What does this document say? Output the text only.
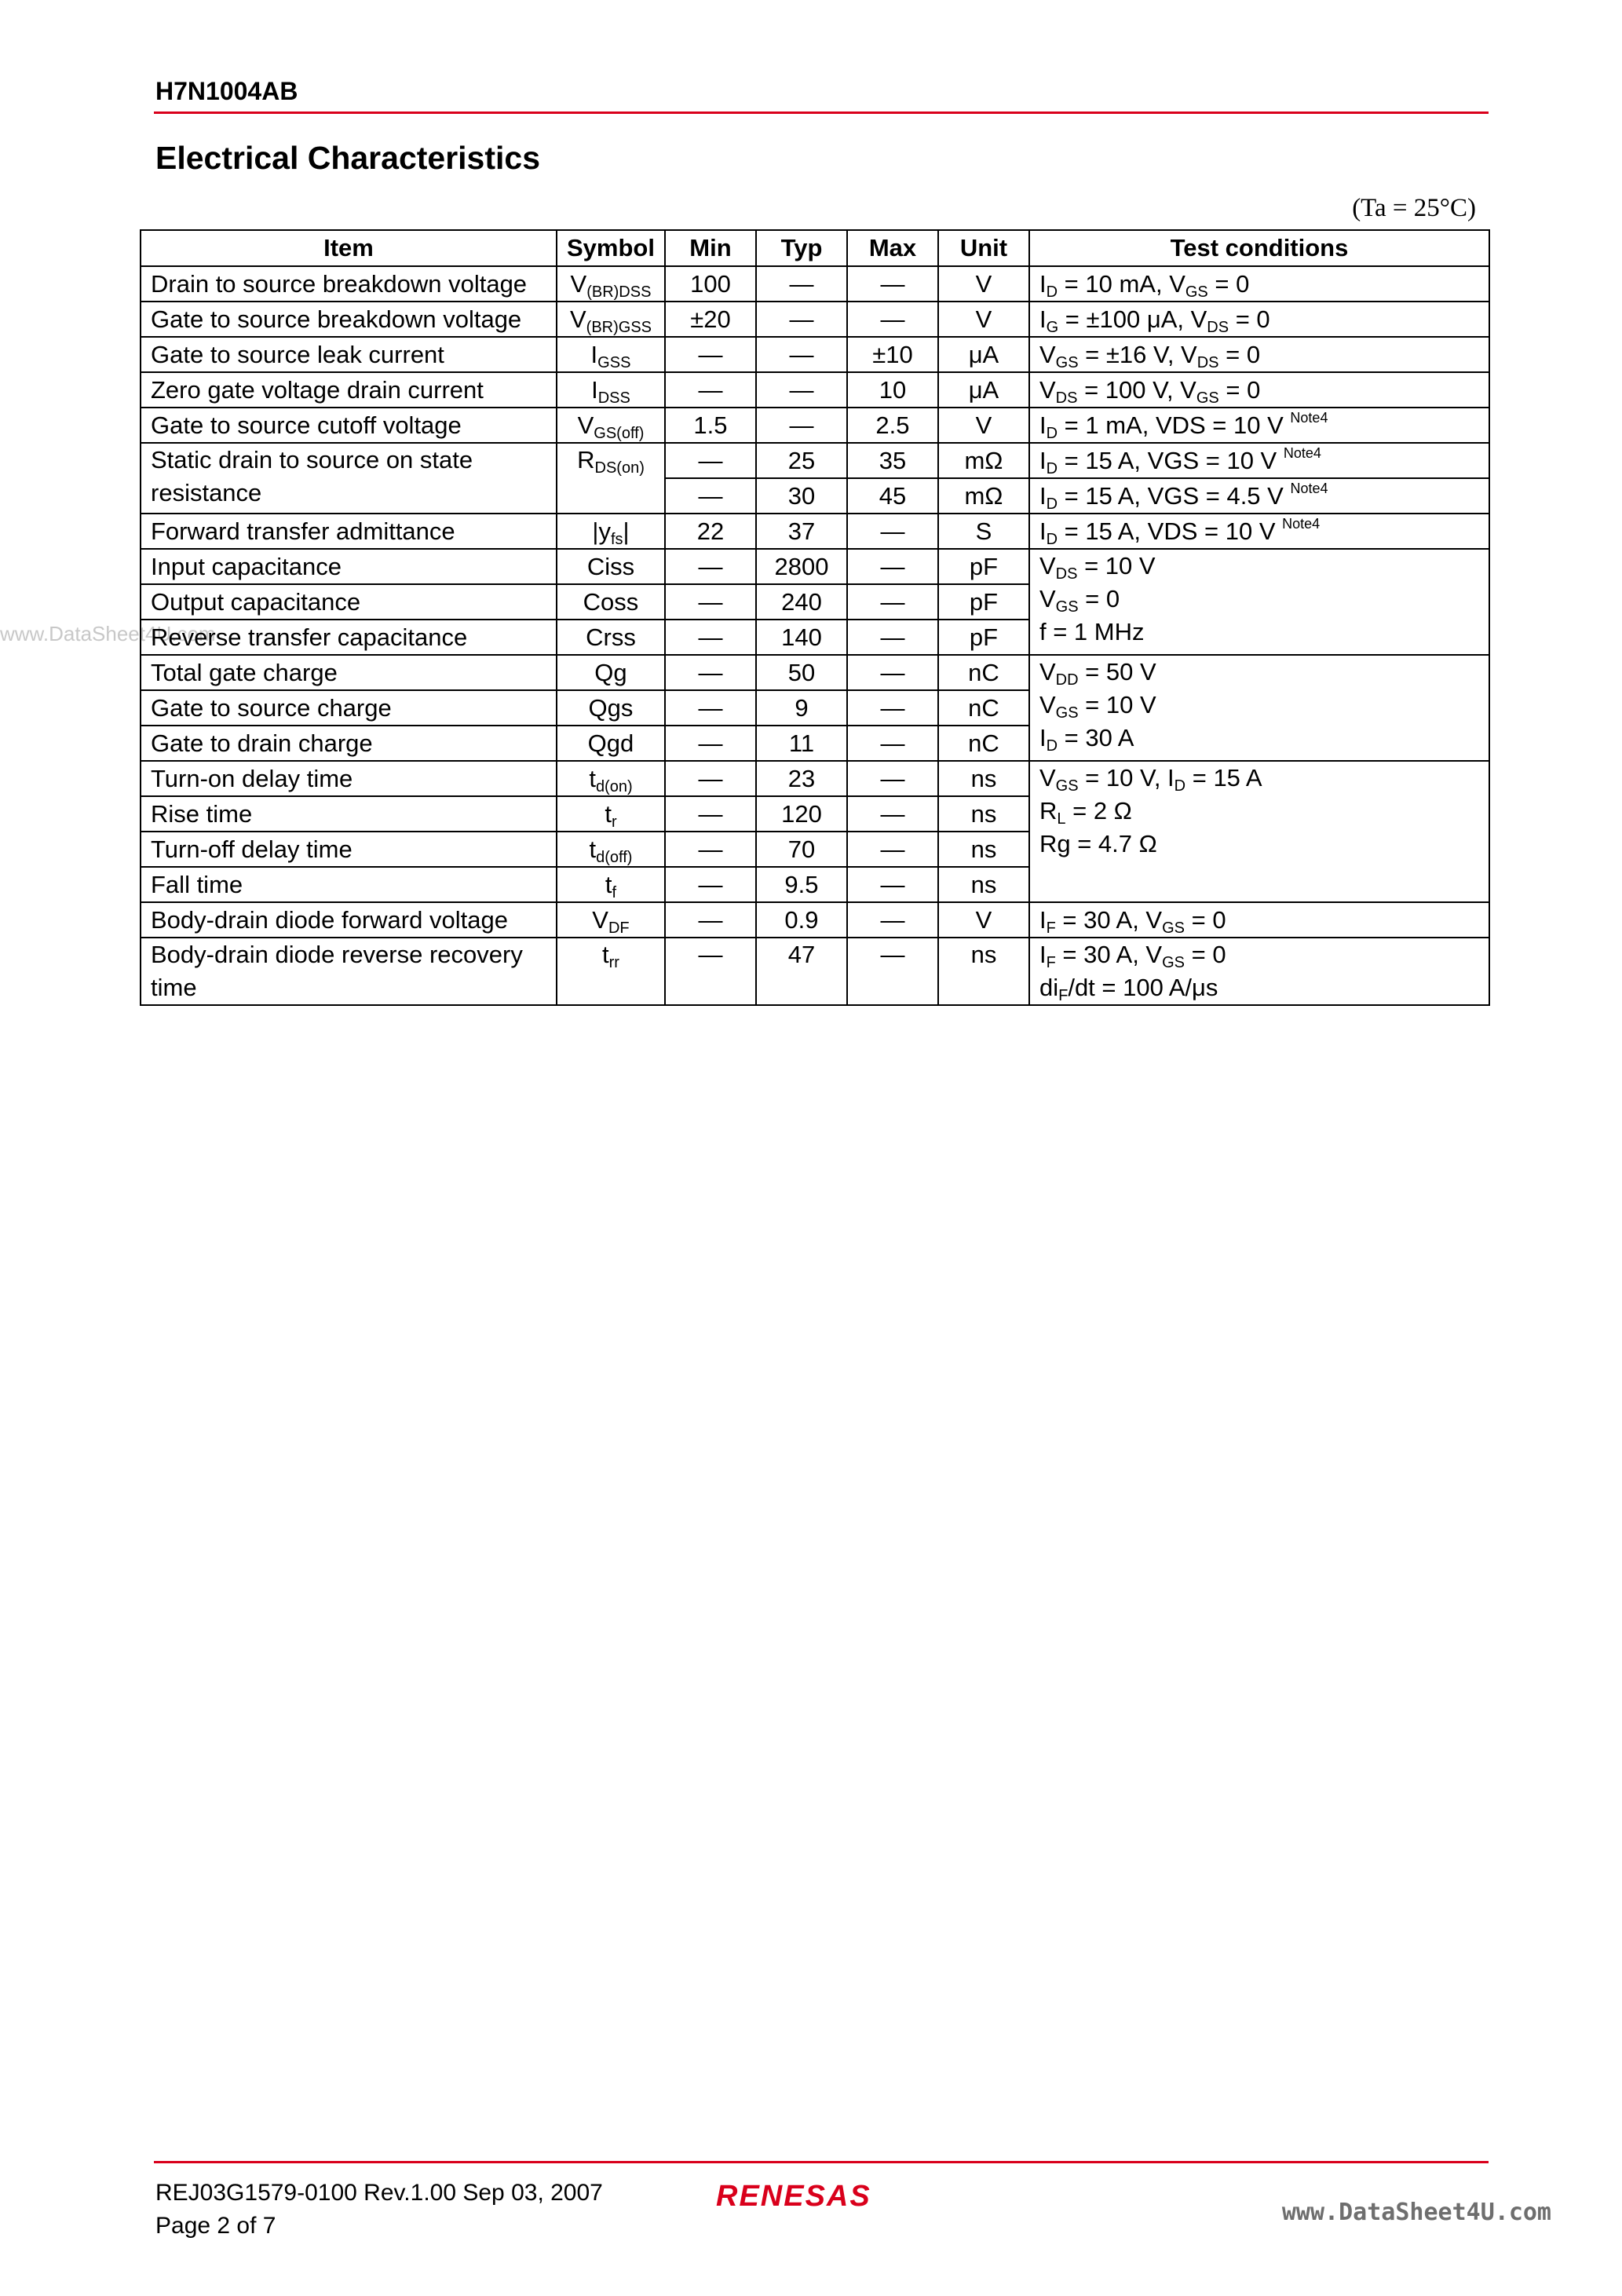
H7N1004AB
Electrical Characteristics
(Ta = 25°C)
www.DataSheet4U.com
Item	Symbol	Min	Typ	Max	Unit	Test conditions
Drain to source breakdown voltage	$V_{(BR)DSS}$	100	—	—	V	$I_D = 10$ mA, $V_{GS} = 0$
Gate to source breakdown voltage	$V_{(BR)GSS}$	±20	—	—	V	$I_G = \pm 100$ μA, $V_{DS} = 0$
Gate to source leak current	$I_{GSS}$	—	—	±10	μA	$V_{GS} = \pm 16$ V, $V_{DS} = 0$
Zero gate voltage drain current	$I_{DSS}$	—	—	10	μA	$V_{DS} = 100$ V, $V_{GS} = 0$
Gate to source cutoff voltage	$V_{GS(off)}$	1.5	—	2.5	V	$I_D = 1$ mA, VDS = 10 V $^{Note4}$

Static drain to source on state resistance	$R_{DS(on)}$	—	25	35	mΩ	$I_D = 15$ A, VGS = 10 V $^{Note4}$
		—	30	45	mΩ	$I_D = 15$ A, VGS = 4.5 V $^{Note4}$
Forward transfer admittance	$|y_{fs}|$	22	37	—	S	$I_D = 15$ A, VDS = 10 V $^{Note4}$
Input capacitance	Ciss	—	2800	—	pF	$V_{DS} = 10$ V
$V_{GS} = 0$
f = 1 MHz

Output capacitance	Coss	—	240	—	pF	
Reverse transfer capacitance	Crss	—	140	—	pF	
Total gate charge	Qg	—	50	—	nC	$V_{DD} = 50$ V
$V_{GS} = 10$ V
$I_D = 30$ A

Gate to source charge	Qgs	—	9	—	nC	
Gate to drain charge	Qgd	—	11	—	nC	
Turn-on delay time	$t_{d(on)}$	—	23	—	ns	$V_{GS} = 10$ V, $I_D = 15$ A
$R_L = 2$ Ω
Rg = 4.7 Ω

Rise time	$t_r$	—	120	—	ns	
Turn-off delay time	$t_{d(off)}$	—	70	—	ns	
Fall time	$t_f$	—	9.5	—	ns	
Body-drain diode forward voltage	$V_{DF}$	—	0.9	—	V	$I_F = 30$ A, $V_{GS} = 0$

Body-drain diode reverse recovery time	$t_{rr}$	—	47	—	ns	$I_F = 30$ A, $V_{GS} = 0$
$di_F/dt = 100$ A/μs
REJ03G1579-0100 Rev.1.00 Sep 03, 2007
Page 2 of 7
RENESAS	www.DataSheet4U.com
